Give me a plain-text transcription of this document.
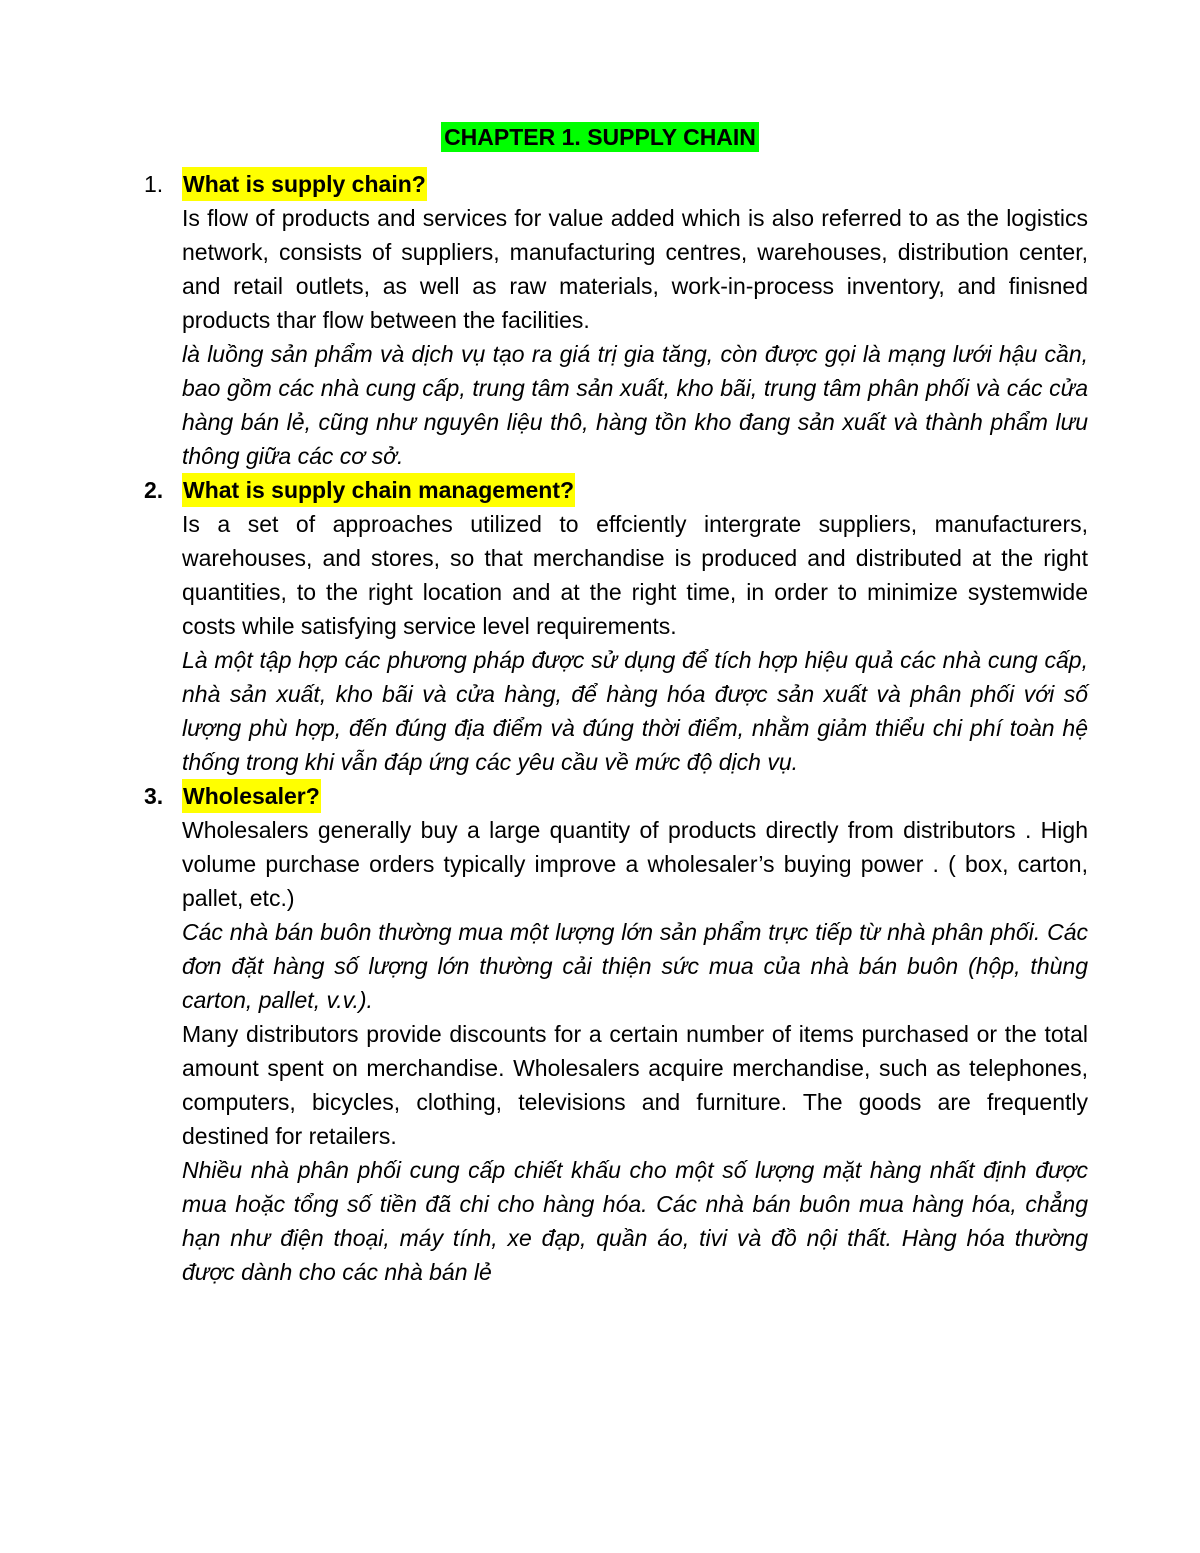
CHAPTER 1. SUPPLY CHAIN
1. What is supply chain?
Is flow of products and services for value added which is also referred to as the logistics network, consists of suppliers, manufacturing centres, warehouses, distribution center, and retail outlets, as well as raw materials, work-in-process inventory, and finisned products thar flow between the facilities.
là luồng sản phẩm và dịch vụ tạo ra giá trị gia tăng, còn được gọi là mạng lưới hậu cần, bao gồm các nhà cung cấp, trung tâm sản xuất, kho bãi, trung tâm phân phối và các cửa hàng bán lẻ, cũng như nguyên liệu thô, hàng tồn kho đang sản xuất và thành phẩm lưu thông giữa các cơ sở.
2. What is supply chain management?
Is a set of approaches utilized to effciently intergrate suppliers, manufacturers, warehouses, and stores, so that merchandise is produced and distributed at the right quantities, to the right location and at the right time, in order to minimize systemwide costs while satisfying service level requirements.
Là một tập hợp các phương pháp được sử dụng để tích hợp hiệu quả các nhà cung cấp, nhà sản xuất, kho bãi và cửa hàng, để hàng hóa được sản xuất và phân phối với số lượng phù hợp, đến đúng địa điểm và đúng thời điểm, nhằm giảm thiểu chi phí toàn hệ thống trong khi vẫn đáp ứng các yêu cầu về mức độ dịch vụ.
3. Wholesaler?
Wholesalers generally buy a large quantity of products directly from distributors . High volume purchase orders typically improve a wholesaler’s buying power . ( box, carton, pallet, etc.)
Các nhà bán buôn thường mua một lượng lớn sản phẩm trực tiếp từ nhà phân phối. Các đơn đặt hàng số lượng lớn thường cải thiện sức mua của nhà bán buôn (hộp, thùng carton, pallet, v.v.).
Many distributors provide discounts for a certain number of items purchased or the total amount spent on merchandise. Wholesalers acquire merchandise, such as telephones, computers, bicycles, clothing, televisions and furniture. The goods are frequently destined for retailers.
Nhiều nhà phân phối cung cấp chiết khấu cho một số lượng mặt hàng nhất định được mua hoặc tổng số tiền đã chi cho hàng hóa. Các nhà bán buôn mua hàng hóa, chẳng hạn như điện thoại, máy tính, xe đạp, quần áo, tivi và đồ nội thất. Hàng hóa thường được dành cho các nhà bán lẻ
